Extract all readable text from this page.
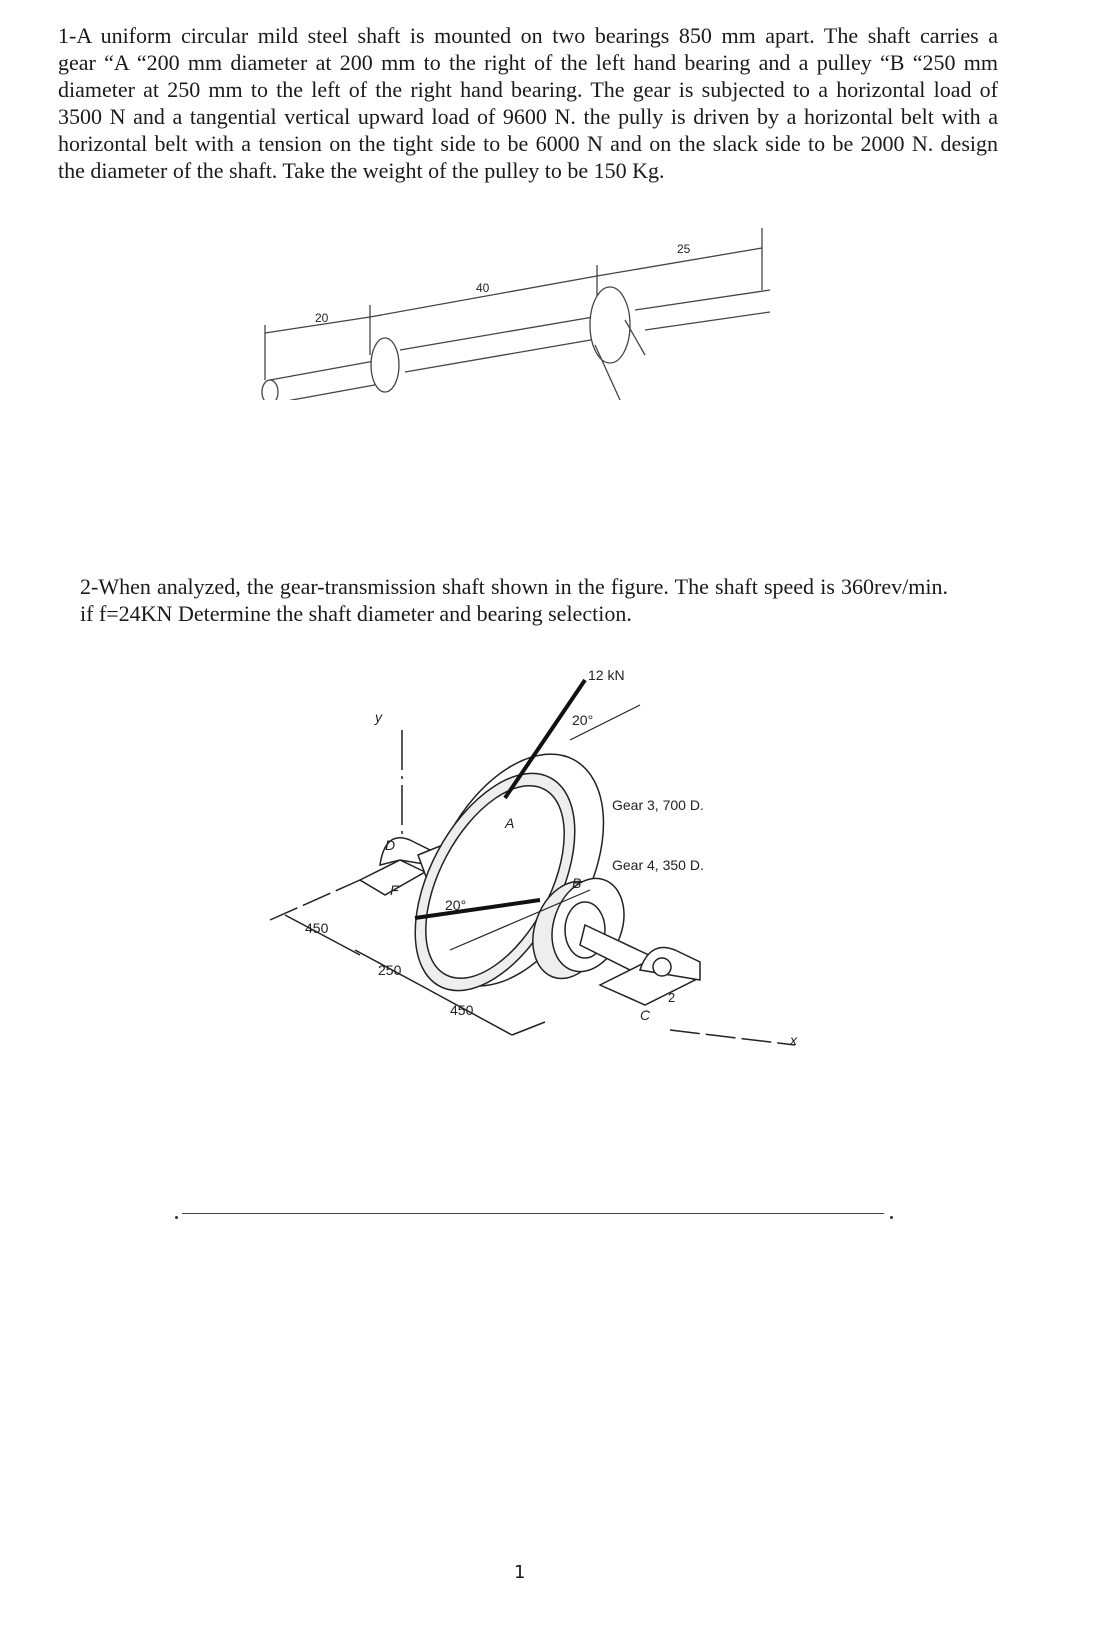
1-A uniform circular mild steel shaft is mounted on two bearings 850 mm apart. The shaft carries a
gear “A “200 mm diameter at 200 mm to the right of the left hand bearing and a pulley “B “250 mm
diameter at 250 mm to the left of the right hand bearing. The gear is subjected to a horizontal load of
3500 N and a tangential vertical upward load of 9600 N. the pully is driven by a horizontal belt with a
horizontal belt with a tension on the tight side to be 6000 N and on the slack side to be 2000 N. design
the diameter of the shaft. Take the weight of the pulley to be 150 Kg.
20
40
25
2-When analyzed, the gear-transmission shaft shown in the figure. The shaft speed is 360rev/min.
if f=24KN Determine the shaft diameter and bearing selection.
12 kN
20°
20°
Gear 3, 700 D.
Gear 4, 350 D.
y
x
D
A
B
C
F
2
450
250
450
1
